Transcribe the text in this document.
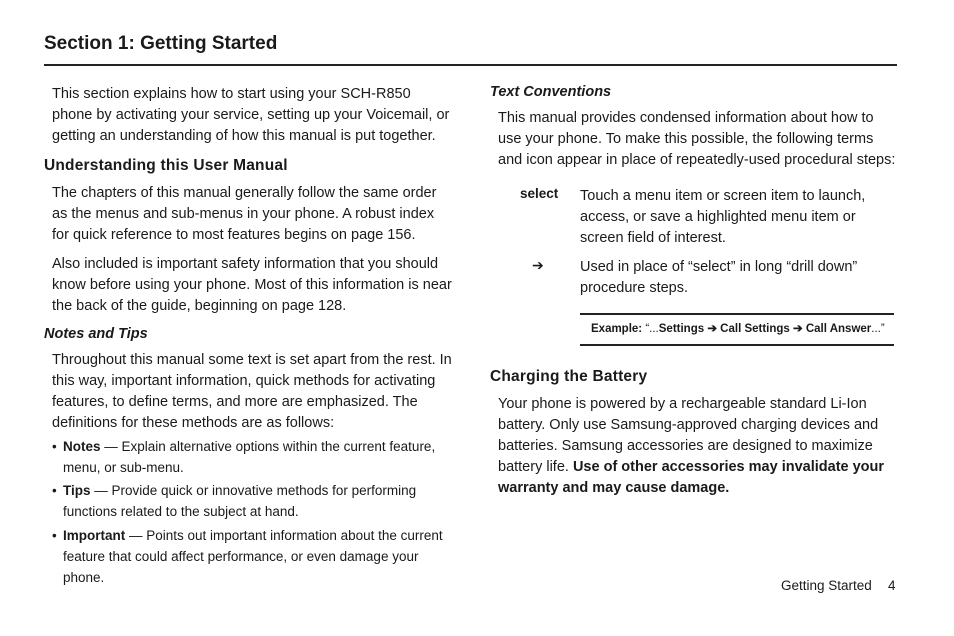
Section 1: Getting Started

This section explains how to start using your SCH-R850 phone by activating your service, setting up your Voicemail, or getting an understanding of how this manual is put together.

Understanding this User Manual

The chapters of this manual generally follow the same order as the menus and sub-menus in your phone. A robust index for quick reference to most features begins on page 156.

Also included is important safety information that you should know before using your phone. Most of this information is near the back of the guide, beginning on page 128.

Notes and Tips

Throughout this manual some text is set apart from the rest. In this way, important information, quick methods for activating features, to define terms, and more are emphasized. The definitions for these methods are as follows:

• Notes — Explain alternative options within the current feature, menu, or sub-menu.
• Tips — Provide quick or innovative methods for performing functions related to the subject at hand.
• Important — Points out important information about the current feature that could affect performance, or even damage your phone.
Text Conventions

This manual provides condensed information about how to use your phone. To make this possible, the following terms and icon appear in place of repeatedly-used procedural steps:

select Touch a menu item or screen item to launch, access, or save a highlighted menu item or screen field of interest.
➔	Used in place of “select” in long “drill down” procedure steps.
Example: “...Settings ➔ Call Settings ➔ Call Answer...”
Charging the Battery

Your phone is powered by a rechargeable standard Li-Ion battery. Only use Samsung-approved charging devices and batteries. Samsung accessories are designed to maximize battery life. Use of other accessories may invalidate your warranty and may cause damage.

Getting Started 4
